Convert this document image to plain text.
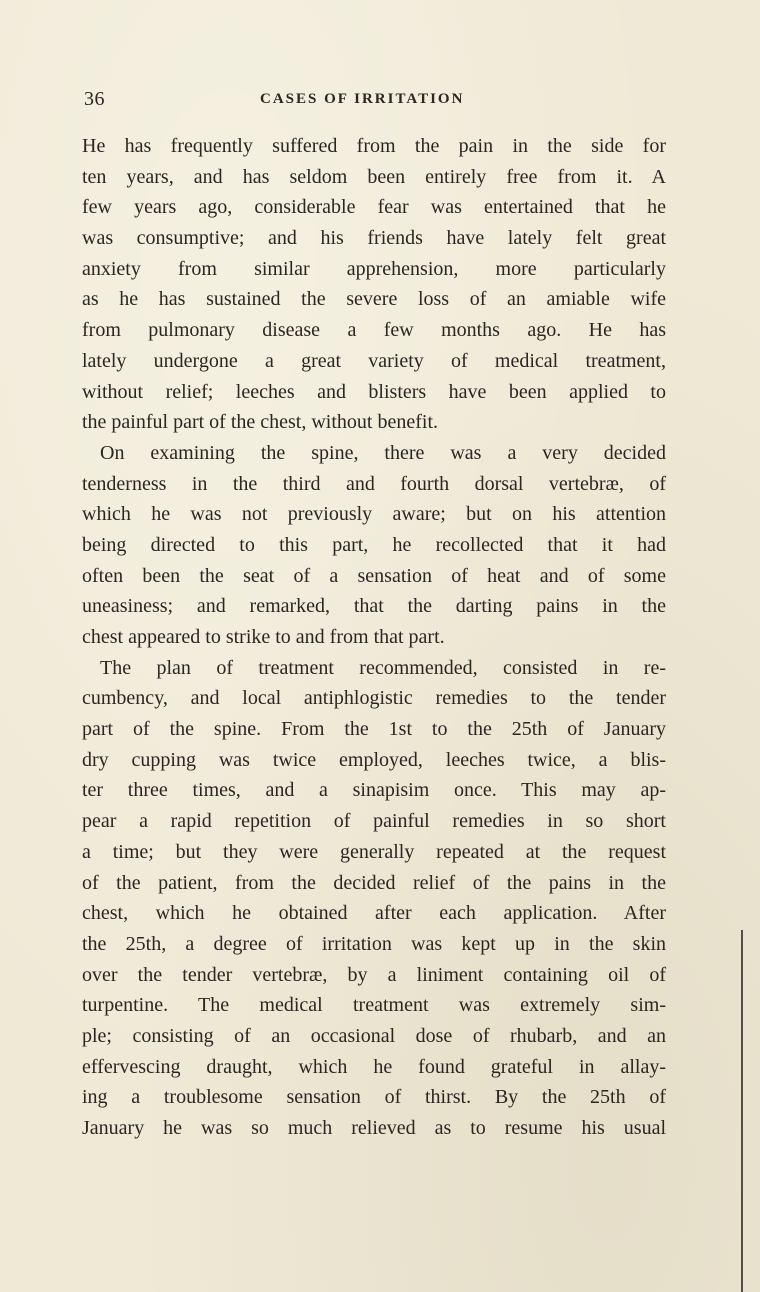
36	CASES OF IRRITATION
He has frequently suffered from the pain in the side for
ten years, and has seldom been entirely free from it. A
few years ago, considerable fear was entertained that he
was consumptive; and his friends have lately felt great
anxiety from similar apprehension, more particularly
as he has sustained the severe loss of an amiable wife
from pulmonary disease a few months ago. He has
lately undergone a great variety of medical treatment,
without relief; leeches and blisters have been applied to
the painful part of the chest, without benefit.
On examining the spine, there was a very decided
tenderness in the third and fourth dorsal vertebræ, of
which he was not previously aware; but on his attention
being directed to this part, he recollected that it had
often been the seat of a sensation of heat and of some
uneasiness; and remarked, that the darting pains in the
chest appeared to strike to and from that part.
The plan of treatment recommended, consisted in re-
cumbency, and local antiphlogistic remedies to the tender
part of the spine. From the 1st to the 25th of January
dry cupping was twice employed, leeches twice, a blis-
ter three times, and a sinapisim once. This may ap-
pear a rapid repetition of painful remedies in so short
a time; but they were generally repeated at the request
of the patient, from the decided relief of the pains in the
chest, which he obtained after each application. After
the 25th, a degree of irritation was kept up in the skin
over the tender vertebræ, by a liniment containing oil of
turpentine. The medical treatment was extremely sim-
ple; consisting of an occasional dose of rhubarb, and an
effervescing draught, which he found grateful in allay-
ing a troublesome sensation of thirst. By the 25th of
January he was so much relieved as to resume his usual
